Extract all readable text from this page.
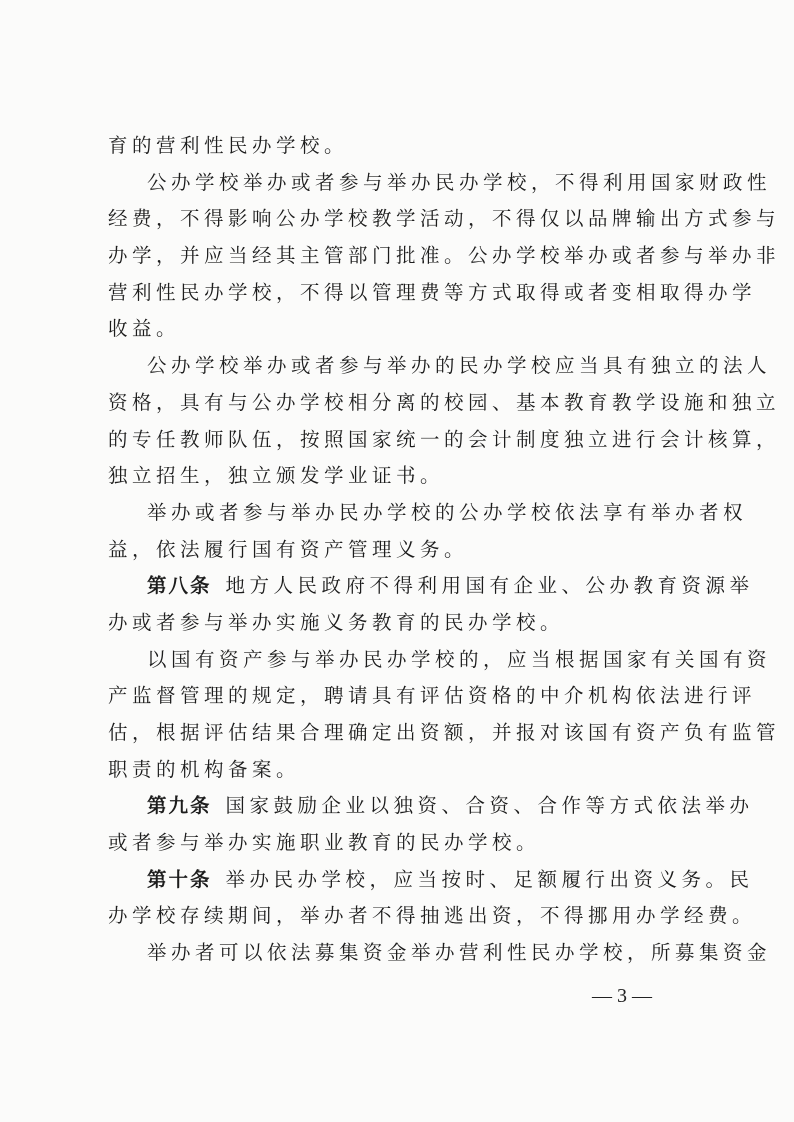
育的营利性民办学校。
公办学校举办或者参与举办民办学校，不得利用国家财政性
经费，不得影响公办学校教学活动，不得仅以品牌输出方式参与
办学，并应当经其主管部门批准。公办学校举办或者参与举办非
营利性民办学校，不得以管理费等方式取得或者变相取得办学
收益。
公办学校举办或者参与举办的民办学校应当具有独立的法人
资格，具有与公办学校相分离的校园、基本教育教学设施和独立
的专任教师队伍，按照国家统一的会计制度独立进行会计核算，
独立招生，独立颁发学业证书。
举办或者参与举办民办学校的公办学校依法享有举办者权
益，依法履行国有资产管理义务。
第八条 地方人民政府不得利用国有企业、公办教育资源举
办或者参与举办实施义务教育的民办学校。
以国有资产参与举办民办学校的，应当根据国家有关国有资
产监督管理的规定，聘请具有评估资格的中介机构依法进行评
估，根据评估结果合理确定出资额，并报对该国有资产负有监管
职责的机构备案。
第九条 国家鼓励企业以独资、合资、合作等方式依法举办
或者参与举办实施职业教育的民办学校。
第十条 举办民办学校，应当按时、足额履行出资义务。民
办学校存续期间，举办者不得抽逃出资，不得挪用办学经费。
举办者可以依法募集资金举办营利性民办学校，所募集资金
— 3 —
